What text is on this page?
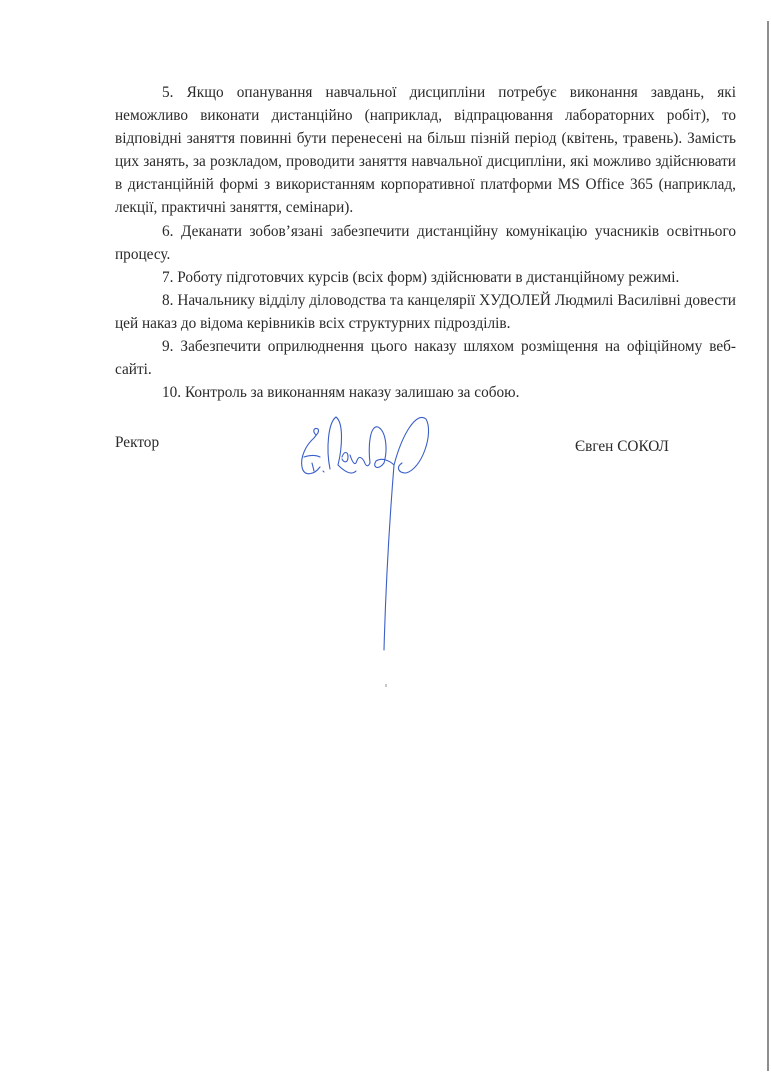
5. Якщо опанування навчальної дисципліни потребує виконання завдань, які неможливо виконати дистанційно (наприклад, відпрацювання лабораторних робіт), то відповідні заняття повинні бути перенесені на більш пізній період (квітень, травень). Замість цих занять, за розкладом, проводити заняття навчальної дисципліни, які можливо здійснювати в дистанційній формі з використанням корпоративної платформи MS Office 365 (наприклад, лекції, практичні заняття, семінари).

6. Деканати зобов’язані забезпечити дистанційну комунікацію учасників освітнього процесу.

7. Роботу підготовчих курсів (всіх форм) здійснювати в дистанційному режимі.

8. Начальнику відділу діловодства та канцелярії ХУДОЛЕЙ Людмилі Василівні довести цей наказ до відома керівників всіх структурних підрозділів.

9. Забезпечити оприлюднення цього наказу шляхом розміщення на офіційному веб-сайті.

10. Контроль за виконанням наказу залишаю за собою.

Ректор	Євген СОКОЛ
